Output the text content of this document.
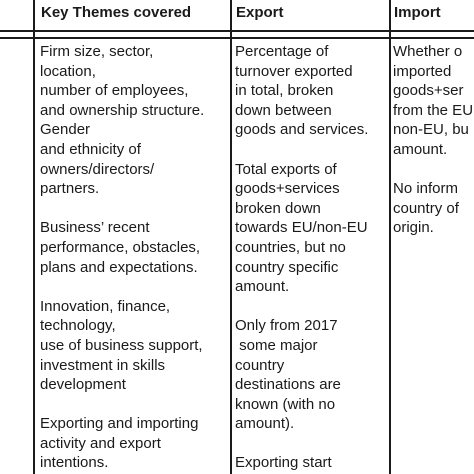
Key Themes covered	Export	Import
Firm size, sector,
location,
number of employees,
and ownership structure.
Gender
and ethnicity of
owners/directors/
partners.
Business’ recent
performance, obstacles,
plans and expectations.
Innovation, finance,
technology,
use of business support,
investment in skills
development
Exporting and importing
activity and export
intentions.
Percentage of
turnover exported
in total, broken
down between
goods and services.
Total exports of
goods+services
broken down
towards EU/non-EU
countries, but no
country specific
amount.
Only from 2017
some major
country
destinations are
known (with no
amount).
Exporting start
Whether o
imported
goods+ser
from the EU
non-EU, bu
amount.
No inform
country of
origin.
